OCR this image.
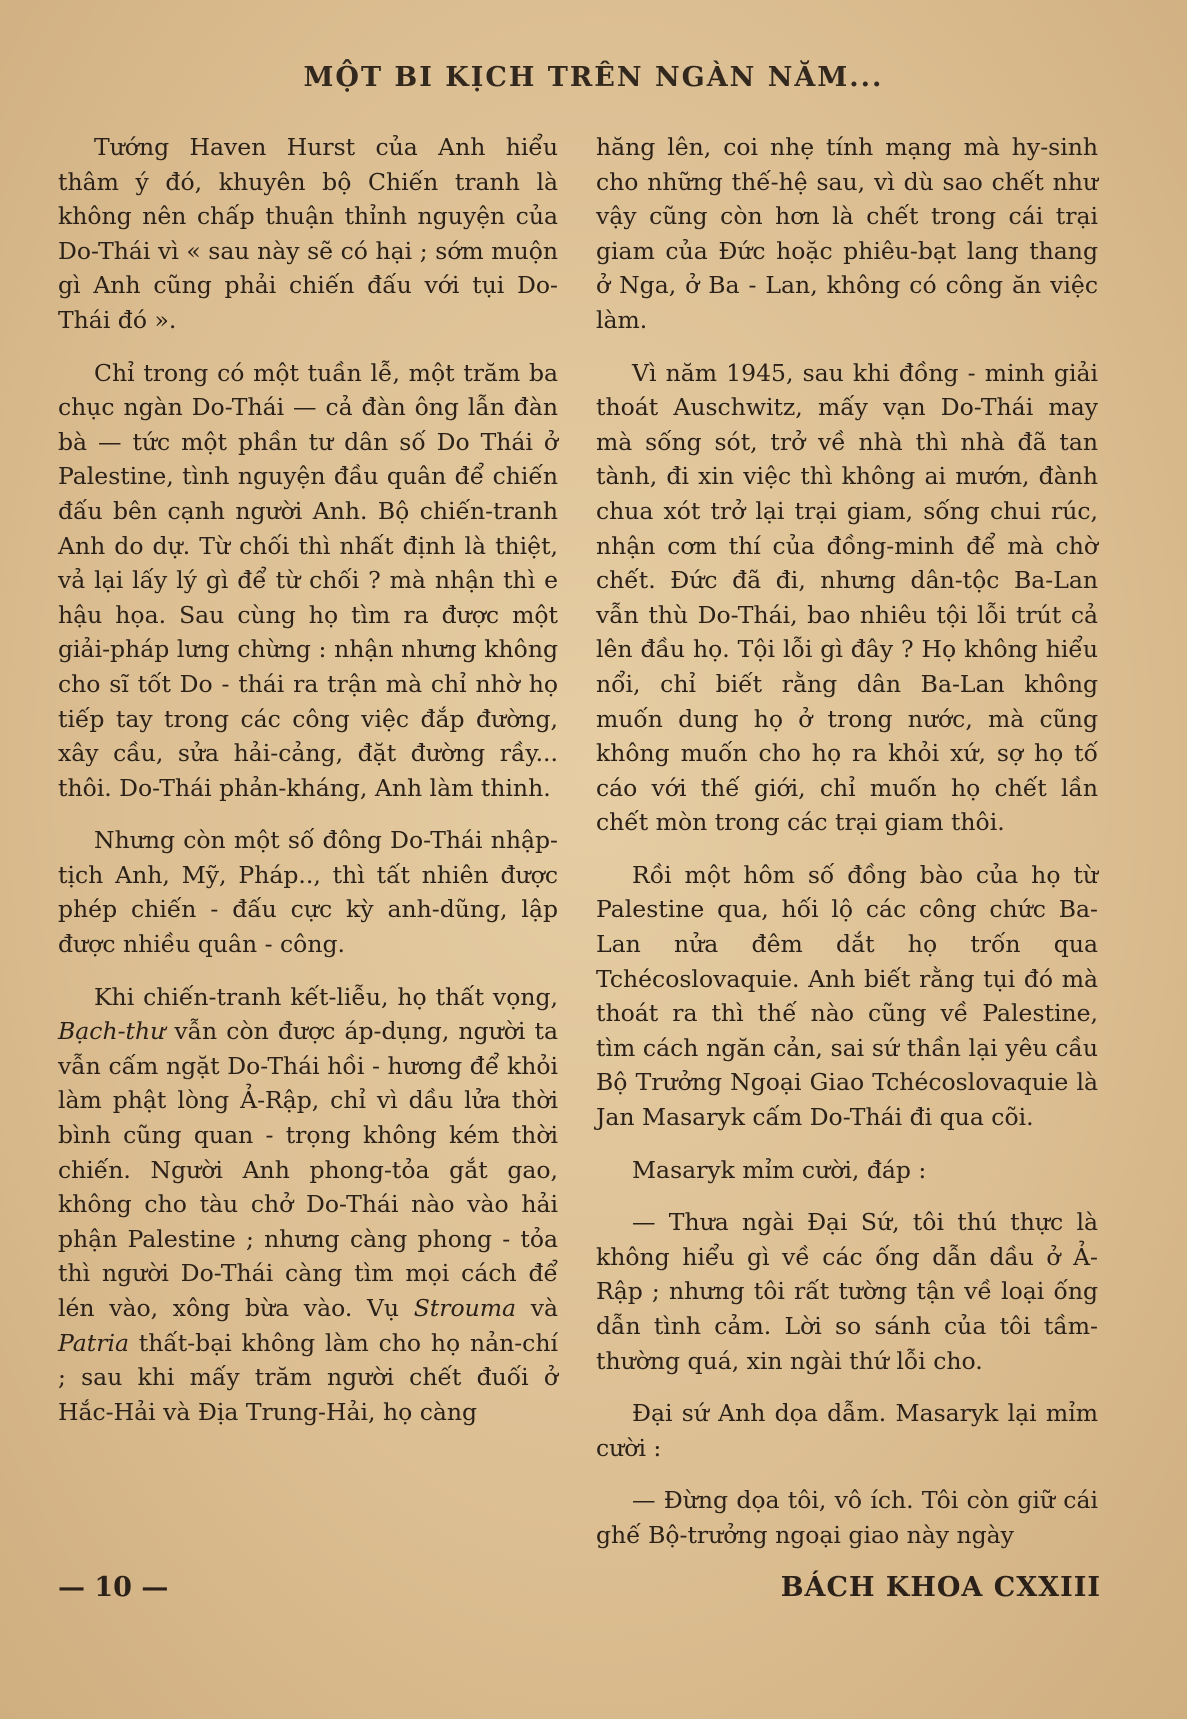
MỘT BI KỊCH TRÊN NGÀN NĂM...

Tướng Haven Hurst của Anh hiểu thâm ý đó, khuyên bộ Chiến tranh là không nên chấp thuận thỉnh nguyện của Do-Thái vì « sau này sẽ có hại ; sớm muộn gì Anh cũng phải chiến đấu với tụi Do-Thái đó ».

Chỉ trong có một tuần lễ, một trăm ba chục ngàn Do-Thái — cả đàn ông lẫn đàn bà — tức một phần tư dân số Do Thái ở Palestine, tình nguyện đầu quân để chiến đấu bên cạnh người Anh. Bộ chiến-tranh Anh do dự. Từ chối thì nhất định là thiệt, vả lại lấy lý gì để từ chối ? mà nhận thì e hậu họa. Sau cùng họ tìm ra được một giải-pháp lưng chừng : nhận nhưng không cho sĩ tốt Do - thái ra trận mà chỉ nhờ họ tiếp tay trong các công việc đắp đường, xây cầu, sửa hải-cảng, đặt đường rầy... thôi. Do-Thái phản-kháng, Anh làm thinh.

Nhưng còn một số đông Do-Thái nhập-tịch Anh, Mỹ, Pháp.., thì tất nhiên được phép chiến - đấu cực kỳ anh-dũng, lập được nhiều quân - công.

Khi chiến-tranh kết-liễu, họ thất vọng, Bạch-thư vẫn còn được áp-dụng, người ta vẫn cấm ngặt Do-Thái hồi - hương để khỏi làm phật lòng Ả-Rập, chỉ vì dầu lửa thời bình cũng quan - trọng không kém thời chiến. Người Anh phong-tỏa gắt gao, không cho tàu chở Do-Thái nào vào hải phận Palestine ; nhưng càng phong - tỏa thì người Do-Thái càng tìm mọi cách để lén vào, xông bừa vào. Vụ Strouma và Patria thất-bại không làm cho họ nản-chí ; sau khi mấy trăm người chết đuối ở Hắc-Hải và Địa Trung-Hải, họ càng

hăng lên, coi nhẹ tính mạng mà hy-sinh cho những thế-hệ sau, vì dù sao chết như vậy cũng còn hơn là chết trong cái trại giam của Đức hoặc phiêu-bạt lang thang ở Nga, ở Ba - Lan, không có công ăn việc làm.

Vì năm 1945, sau khi đồng - minh giải thoát Auschwitz, mấy vạn Do-Thái may mà sống sót, trở về nhà thì nhà đã tan tành, đi xin việc thì không ai mướn, đành chua xót trở lại trại giam, sống chui rúc, nhận cơm thí của đồng-minh để mà chờ chết. Đức đã đi, nhưng dân-tộc Ba-Lan vẫn thù Do-Thái, bao nhiêu tội lỗi trút cả lên đầu họ. Tội lỗi gì đây ? Họ không hiểu nổi, chỉ biết rằng dân Ba-Lan không muốn dung họ ở trong nước, mà cũng không muốn cho họ ra khỏi xứ, sợ họ tố cáo với thế giới, chỉ muốn họ chết lần chết mòn trong các trại giam thôi.

Rồi một hôm số đồng bào của họ từ Palestine qua, hối lộ các công chức Ba-Lan nửa đêm dắt họ trốn qua Tchécoslovaquie. Anh biết rằng tụi đó mà thoát ra thì thế nào cũng về Palestine, tìm cách ngăn cản, sai sứ thần lại yêu cầu Bộ Trưởng Ngoại Giao Tchécoslovaquie là Jan Masaryk cấm Do-Thái đi qua cõi.

Masaryk mỉm cười, đáp :

— Thưa ngài Đại Sứ, tôi thú thực là không hiểu gì về các ống dẫn dầu ở Ả-Rập ; nhưng tôi rất tường tận về loại ống dẫn tình cảm. Lời so sánh của tôi tầm-thường quá, xin ngài thứ lỗi cho.

Đại sứ Anh dọa dẫm. Masaryk lại mỉm cười :

— Đừng dọa tôi, vô ích. Tôi còn giữ cái ghế Bộ-trưởng ngoại giao này ngày

— 10 —	BÁCH KHOA CXXIII
